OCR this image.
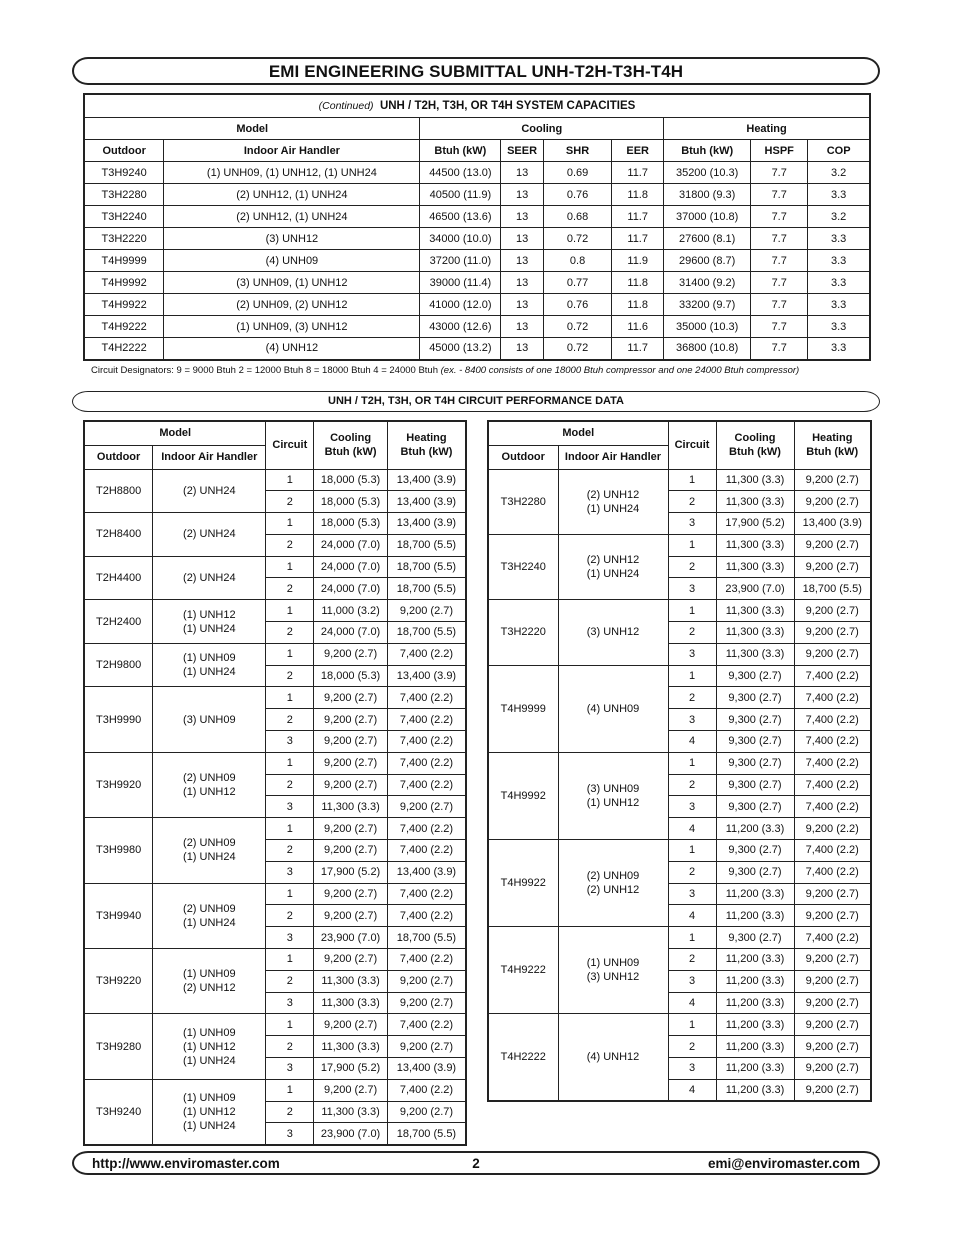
EMI ENGINEERING SUBMITTAL UNH-T2H-T3H-T4H
(Continued) UNH / T2H, T3H, OR T4H SYSTEM CAPACITIES								
Model		Cooling				Heating		
Outdoor	Indoor Air Handler	Btuh (kW)	SEER	SHR	EER	Btuh (kW)	HSPF	COP
T3H9240	(1) UNH09, (1) UNH12, (1) UNH24	44500 (13.0)	13	0.69	11.7	35200 (10.3)	7.7	3.2
T3H2280	(2) UNH12, (1) UNH24	40500 (11.9)	13	0.76	11.8	31800 (9.3)	7.7	3.3
T3H2240	(2) UNH12, (1) UNH24	46500 (13.6)	13	0.68	11.7	37000 (10.8)	7.7	3.2
T3H2220	(3) UNH12	34000 (10.0)	13	0.72	11.7	27600 (8.1)	7.7	3.3
T4H9999	(4) UNH09	37200 (11.0)	13	0.8	11.9	29600 (8.7)	7.7	3.3
T4H9992	(3) UNH09, (1) UNH12	39000 (11.4)	13	0.77	11.8	31400 (9.2)	7.7	3.3
T4H9922	(2) UNH09, (2) UNH12	41000 (12.0)	13	0.76	11.8	33200 (9.7)	7.7	3.3
T4H9222	(1) UNH09, (3) UNH12	43000 (12.6)	13	0.72	11.6	35000 (10.3)	7.7	3.3
T4H2222	(4) UNH12	45000 (13.2)	13	0.72	11.7	36800 (10.8)	7.7	3.3
Circuit Designators: 9 = 9000 Btuh 2 = 12000 Btuh 8 = 18000 Btuh 4 = 24000 Btuh (ex. - 8400 consists of one 18000 Btuh compressor and one 24000 Btuh compressor)
UNH / T2H, T3H, OR T4H CIRCUIT PERFORMANCE DATA
Model		Circuit	Cooling
Btuh (kW)	Heating
Btuh (kW)
Outdoor	Indoor Air Handler			
T2H8800	(2) UNH24	1	18,000 (5.3)	13,400 (3.9)
		2	18,000 (5.3)	13,400 (3.9)
T2H8400	(2) UNH24	1	18,000 (5.3)	13,400 (3.9)
		2	24,000 (7.0)	18,700 (5.5)
T2H4400	(2) UNH24	1	24,000 (7.0)	18,700 (5.5)
		2	24,000 (7.0)	18,700 (5.5)
T2H2400	(1) UNH12
(1) UNH24	1	11,000 (3.2)	9,200 (2.7)
		2	24,000 (7.0)	18,700 (5.5)
T2H9800	(1) UNH09
(1) UNH24	1	9,200 (2.7)	7,400 (2.2)
		2	18,000 (5.3)	13,400 (3.9)
T3H9990	(3) UNH09	1	9,200 (2.7)	7,400 (2.2)
		2	9,200 (2.7)	7,400 (2.2)
		3	9,200 (2.7)	7,400 (2.2)
T3H9920	(2) UNH09
(1) UNH12	1	9,200 (2.7)	7,400 (2.2)
		2	9,200 (2.7)	7,400 (2.2)
		3	11,300 (3.3)	9,200 (2.7)
T3H9980	(2) UNH09
(1) UNH24	1	9,200 (2.7)	7,400 (2.2)
		2	9,200 (2.7)	7,400 (2.2)
		3	17,900 (5.2)	13,400 (3.9)
T3H9940	(2) UNH09
(1) UNH24	1	9,200 (2.7)	7,400 (2.2)
		2	9,200 (2.7)	7,400 (2.2)
		3	23,900 (7.0)	18,700 (5.5)
T3H9220	(1) UNH09
(2) UNH12	1	9,200 (2.7)	7,400 (2.2)
		2	11,300 (3.3)	9,200 (2.7)
		3	11,300 (3.3)	9,200 (2.7)
T3H9280	(1) UNH09
(1) UNH12
(1) UNH24	1	9,200 (2.7)	7,400 (2.2)
		2	11,300 (3.3)	9,200 (2.7)
		3	17,900 (5.2)	13,400 (3.9)
T3H9240	(1) UNH09
(1) UNH12
(1) UNH24	1	9,200 (2.7)	7,400 (2.2)
		2	11,300 (3.3)	9,200 (2.7)
		3	23,900 (7.0)	18,700 (5.5)
Model		Circuit	Cooling
Btuh (kW)	Heating
Btuh (kW)
Outdoor	Indoor Air Handler			
T3H2280	(2) UNH12
(1) UNH24	1	11,300 (3.3)	9,200 (2.7)
		2	11,300 (3.3)	9,200 (2.7)
		3	17,900 (5.2)	13,400 (3.9)
T3H2240	(2) UNH12
(1) UNH24	1	11,300 (3.3)	9,200 (2.7)
		2	11,300 (3.3)	9,200 (2.7)
		3	23,900 (7.0)	18,700 (5.5)
T3H2220	(3) UNH12	1	11,300 (3.3)	9,200 (2.7)
		2	11,300 (3.3)	9,200 (2.7)
		3	11,300 (3.3)	9,200 (2.7)
T4H9999	(4) UNH09	1	9,300 (2.7)	7,400 (2.2)
		2	9,300 (2.7)	7,400 (2.2)
		3	9,300 (2.7)	7,400 (2.2)
		4	9,300 (2.7)	7,400 (2.2)
T4H9992	(3) UNH09
(1) UNH12	1	9,300 (2.7)	7,400 (2.2)
		2	9,300 (2.7)	7,400 (2.2)
		3	9,300 (2.7)	7,400 (2.2)
		4	11,200 (3.3)	9,200 (2.2)
T4H9922	(2) UNH09
(2) UNH12	1	9,300 (2.7)	7,400 (2.2)
		2	9,300 (2.7)	7,400 (2.2)
		3	11,200 (3.3)	9,200 (2.7)
		4	11,200 (3.3)	9,200 (2.7)
T4H9222	(1) UNH09
(3) UNH12	1	9,300 (2.7)	7,400 (2.2)
		2	11,200 (3.3)	9,200 (2.7)
		3	11,200 (3.3)	9,200 (2.7)
		4	11,200 (3.3)	9,200 (2.7)
T4H2222	(4) UNH12	1	11,200 (3.3)	9,200 (2.7)
		2	11,200 (3.3)	9,200 (2.7)
		3	11,200 (3.3)	9,200 (2.7)
		4	11,200 (3.3)	9,200 (2.7)
http://www.enviromaster.com	2	emi@enviromaster.com
